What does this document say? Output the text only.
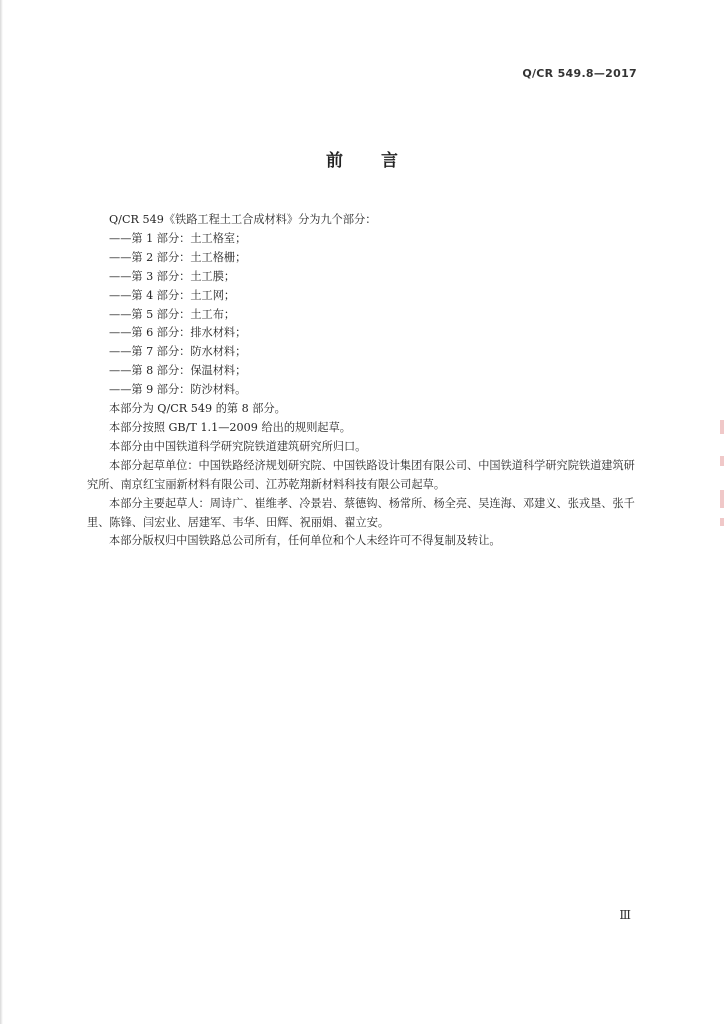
Q/CR 549.8—2017
前 言

Q/CR 549《铁路工程土工合成材料》分为九个部分：

——第 1 部分：土工格室；

——第 2 部分：土工格栅；

——第 3 部分：土工膜；

——第 4 部分：土工网；

——第 5 部分：土工布；

——第 6 部分：排水材料；

——第 7 部分：防水材料；

——第 8 部分：保温材料；

——第 9 部分：防沙材料。

本部分为 Q/CR 549 的第 8 部分。

本部分按照 GB/T 1.1—2009 给出的规则起草。

本部分由中国铁道科学研究院铁道建筑研究所归口。

本部分起草单位：中国铁路经济规划研究院、中国铁路设计集团有限公司、中国铁道科学研究院铁道建筑研究所、南京红宝丽新材料有限公司、江苏乾翔新材料科技有限公司起草。

本部分主要起草人：周诗广、崔维孝、冷景岩、蔡德钩、杨常所、杨全亮、吴连海、邓建义、张戎垦、张千里、陈锋、闫宏业、居建军、韦华、田辉、祝丽娟、翟立安。

本部分版权归中国铁路总公司所有，任何单位和个人未经许可不得复制及转让。

Ⅲ
